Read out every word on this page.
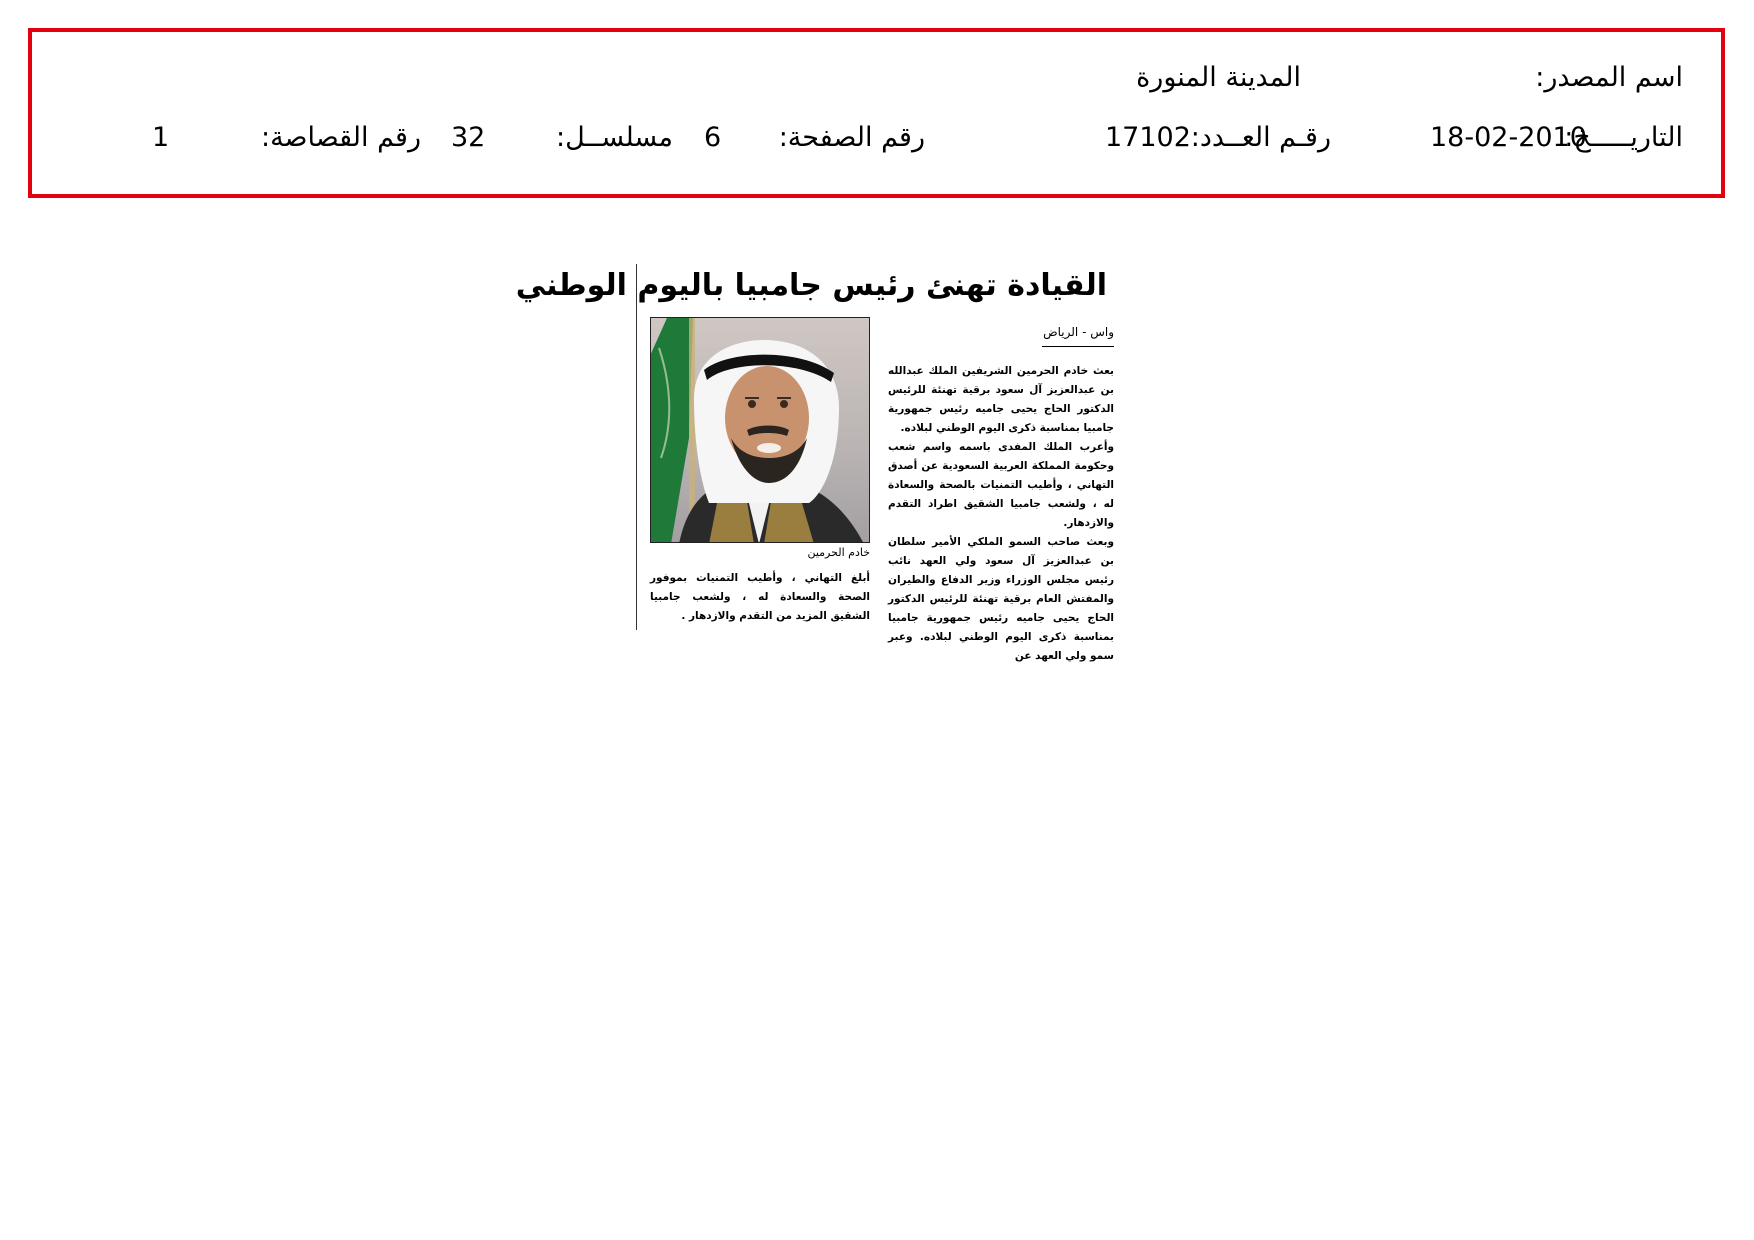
اسم المصدر:
المدينة المنورة
التاريـــــخ:
18-02-2010
رقـم العــدد:
17102
رقم الصفحة:
6
مسلســل:
32
رقم القصاصة:
1
القيادة تهنئ رئيس جامبيا باليوم الوطني
واس - الرياض

بعث خادم الحرمين الشريفين الملك عبدالله بن عبدالعزيز آل سعود برقية تهنئة للرئيس الدكتور الحاج يحيى جاميه رئيس جمهورية جامبيا بمناسبة ذكرى اليوم الوطني لبلاده.

وأعرب الملك المفدى باسمه واسم شعب وحكومة المملكة العربية السعودية عن أصدق التهاني ، وأطيب التمنيات بالصحة والسعادة له ، ولشعب جامبيا الشقيق اطراد التقدم والازدهار.

وبعث صاحب السمو الملكي الأمير سلطان بن عبدالعزيز آل سعود ولي العهد نائب رئيس مجلس الوزراء وزير الدفاع والطيران والمفتش العام برقية تهنئة للرئيس الدكتور الحاج يحيى جاميه رئيس جمهورية جامبيا بمناسبة ذكرى اليوم الوطني لبلاده. وعبر سمو ولي العهد عن

خادم الحرمين
أبلغ التهاني ، وأطيب التمنيات بموفور الصحة والسعادة له ، ولشعب جامبيا الشقيق المزيد من التقدم والازدهار .
